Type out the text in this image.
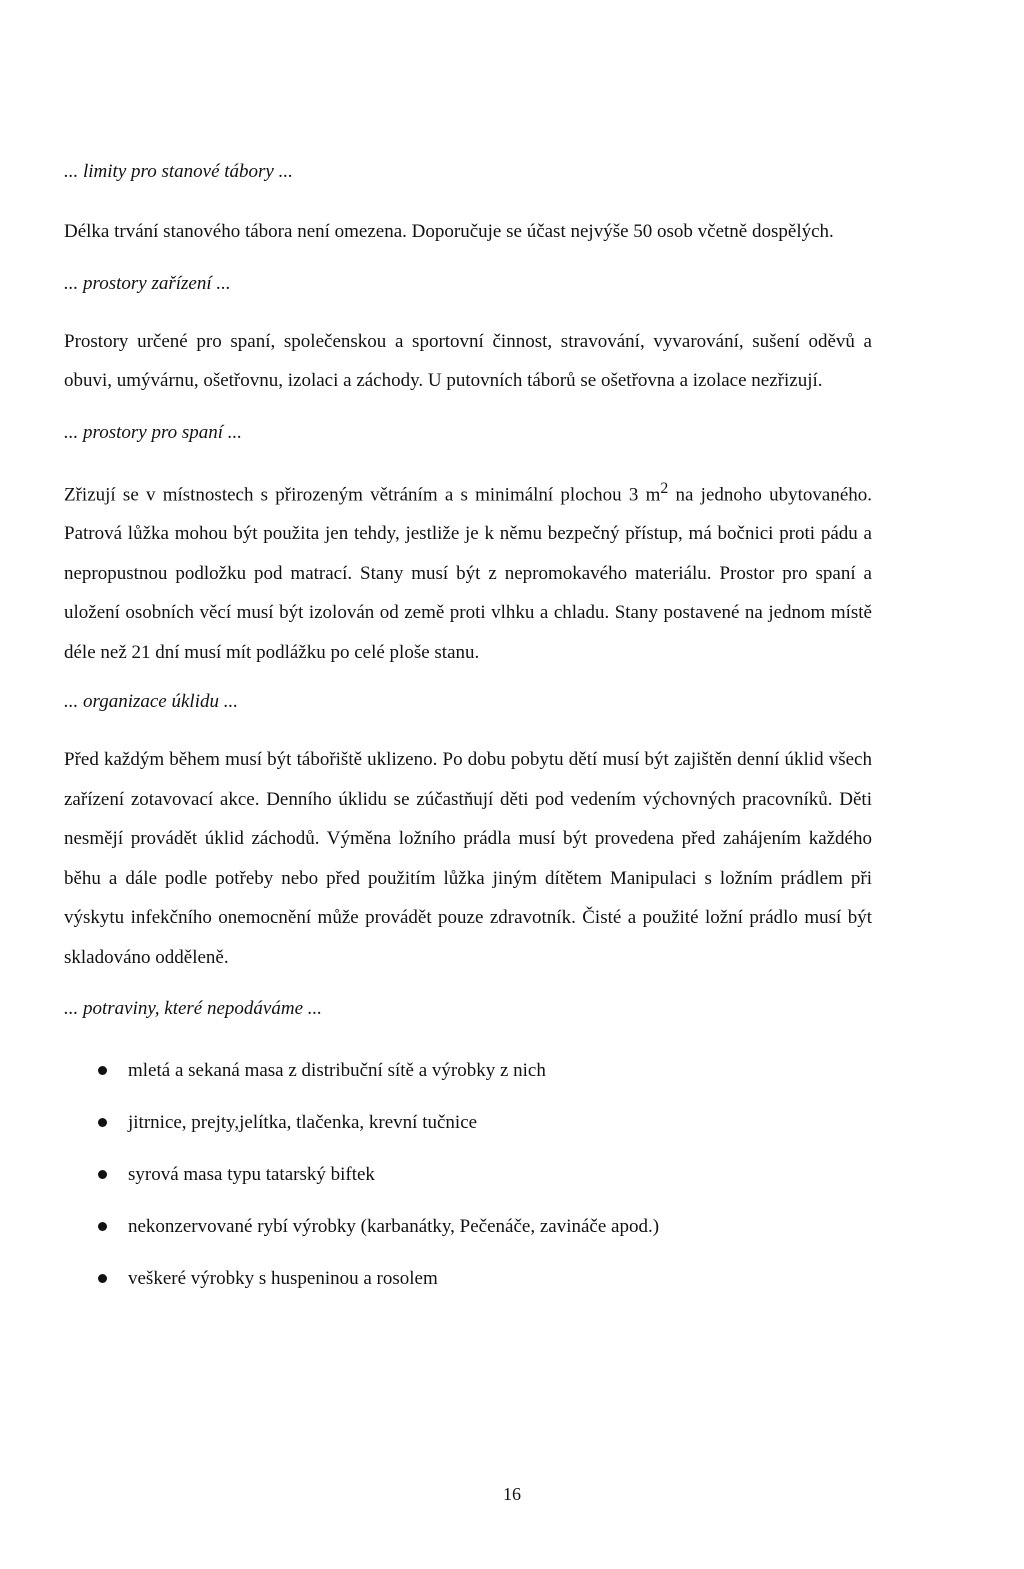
... limity pro stanové tábory ...

Délka trvání stanového tábora není omezena. Doporučuje se účast nejvýše 50 osob včetně dospělých.

... prostory zařízení ...

Prostory určené pro spaní, společenskou a sportovní činnost, stravování, vyvarování, sušení oděvů a obuvi, umývárnu, ošetřovnu, izolaci a záchody. U putovních táborů se ošetřovna a izolace nezřizují.

... prostory pro spaní ...

Zřizují se v místnostech s přirozeným větráním a s minimální plochou 3 $m^2$ na jednoho ubytovaného. Patrová lůžka mohou být použita jen tehdy, jestliže je k němu bezpečný přístup, má bočnici proti pádu a nepropustnou podložku pod matrací. Stany musí být z nepromokavého materiálu. Prostor pro spaní a uložení osobních věcí musí být izolován od země proti vlhku a chladu. Stany postavené na jednom místě déle než 21 dní musí mít podlážku po celé ploše stanu.

... organizace úklidu ...

Před každým během musí být tábořiště uklizeno. Po dobu pobytu dětí musí být zajištěn denní úklid všech zařízení zotavovací akce. Denního úklidu se zúčastňují děti pod vedením výchovných pracovníků. Děti nesmějí provádět úklid záchodů. Výměna ložního prádla musí být provedena před zahájením každého běhu a dále podle potřeby nebo před použitím lůžka jiným dítětem Manipulaci s ložním prádlem při výskytu infekčního onemocnění může provádět pouze zdravotník. Čisté a použité ložní prádlo musí být skladováno odděleně.

... potraviny, které nepodáváme ...

mletá a sekaná masa z distribuční sítě a výrobky z nich
jitrnice, prejty,jelítka, tlačenka, krevní tučnice
syrová masa typu tatarský biftek
nekonzervované rybí výrobky (karbanátky, Pečenáče, zavináče apod.)
veškeré výrobky s huspeninou a rosolem
16
